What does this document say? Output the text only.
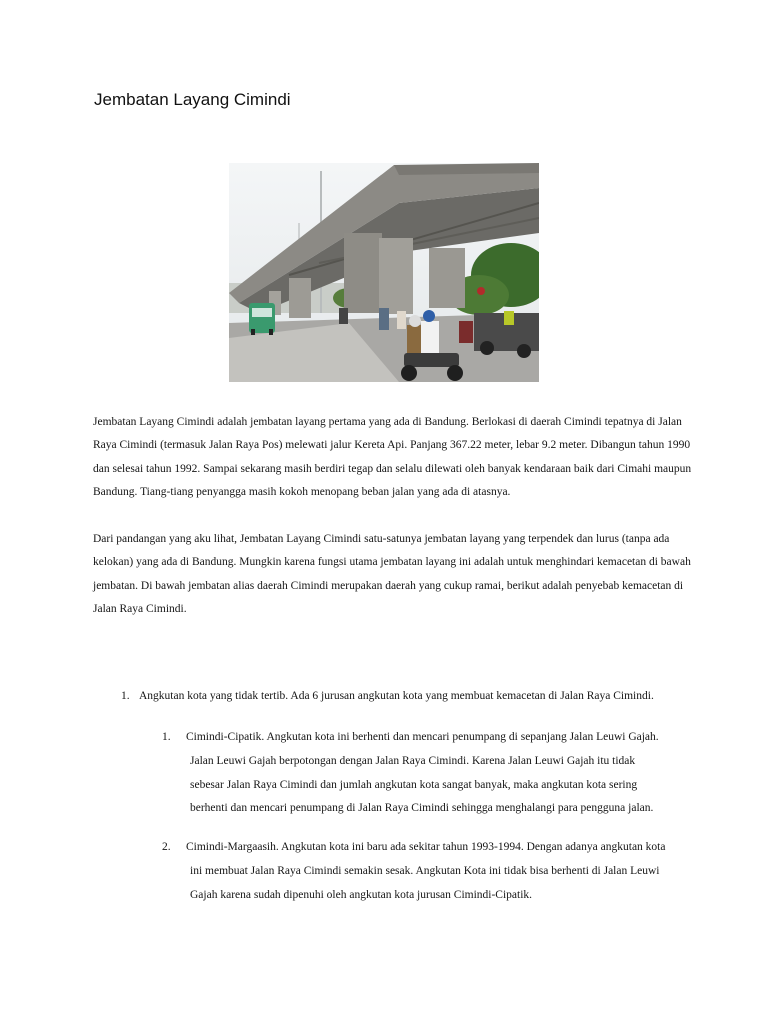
Jembatan Layang Cimindi

Jembatan Layang Cimindi adalah jembatan layang pertama yang ada di Bandung. Berlokasi di daerah Cimindi tepatnya di Jalan Raya Cimindi (termasuk Jalan Raya Pos) melewati jalur Kereta Api. Panjang 367.22 meter, lebar 9.2 meter. Dibangun tahun 1990 dan selesai tahun 1992. Sampai sekarang masih berdiri tegap dan selalu dilewati oleh banyak kendaraan baik dari Cimahi maupun Bandung. Tiang-tiang penyangga masih kokoh menopang beban jalan yang ada di atasnya.

Dari pandangan yang aku lihat, Jembatan Layang Cimindi satu-satunya jembatan layang yang terpendek dan lurus (tanpa ada kelokan) yang ada di Bandung. Mungkin karena fungsi utama jembatan layang ini adalah untuk menghindari kemacetan di bawah jembatan. Di bawah jembatan alias daerah Cimindi merupakan daerah yang cukup ramai, berikut adalah penyebab kemacetan di Jalan Raya Cimindi.

1. Angkutan kota yang tidak tertib. Ada 6 jurusan angkutan kota yang membuat kemacetan di Jalan Raya Cimindi.
1. Cimindi-Cipatik. Angkutan kota ini berhenti dan mencari penumpang di sepanjang Jalan Leuwi Gajah. Jalan Leuwi Gajah berpotongan dengan Jalan Raya Cimindi. Karena Jalan Leuwi Gajah itu tidak sebesar Jalan Raya Cimindi dan jumlah angkutan kota sangat banyak, maka angkutan kota sering berhenti dan mencari penumpang di Jalan Raya Cimindi sehingga menghalangi para pengguna jalan.
2. Cimindi-Margaasih. Angkutan kota ini baru ada sekitar tahun 1993-1994. Dengan adanya angkutan kota ini membuat Jalan Raya Cimindi semakin sesak. Angkutan Kota ini tidak bisa berhenti di Jalan Leuwi Gajah karena sudah dipenuhi oleh angkutan kota jurusan Cimindi-Cipatik.
